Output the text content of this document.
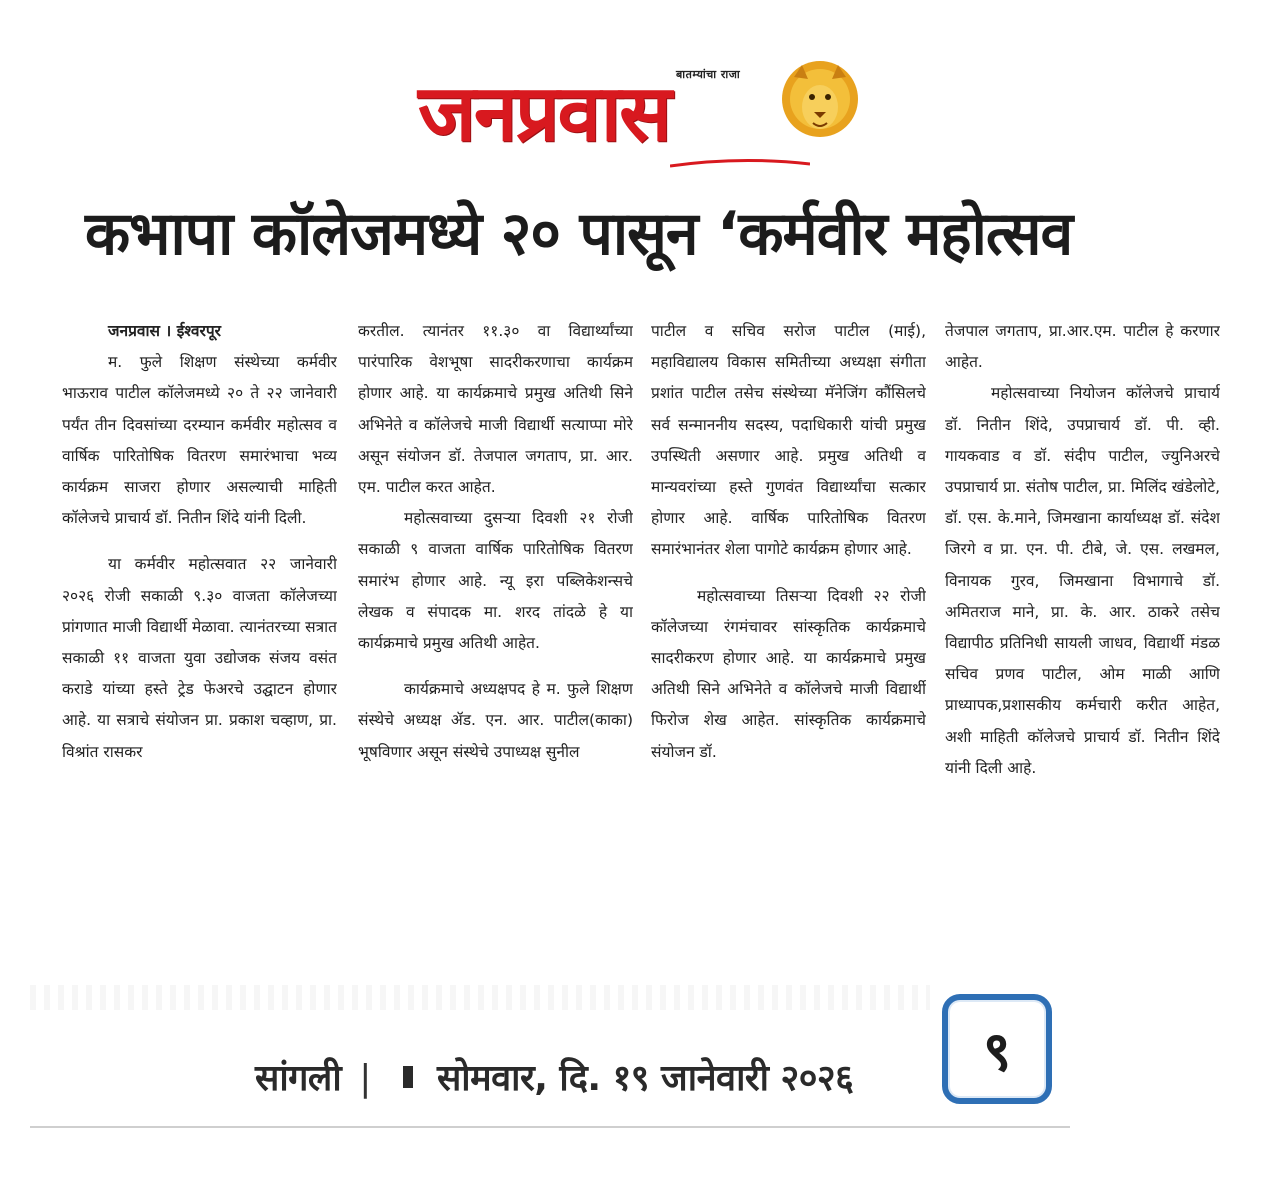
बातम्यांचा राजा
जनप्रवास
कभापा कॉलेजमध्ये २० पासून ‘कर्मवीर महोत्सव

जनप्रवास । ईश्वरपूर

म. फुले शिक्षण संस्थेच्या कर्मवीर भाऊराव पाटील कॉलेजमध्ये २० ते २२ जानेवारी पर्यंत तीन दिवसांच्या दरम्यान कर्मवीर महोत्सव व वार्षिक पारितोषिक वितरण समारंभाचा भव्य कार्यक्रम साजरा होणार असल्याची माहिती कॉलेजचे प्राचार्य डॉ. नितीन शिंदे यांनी दिली.

या कर्मवीर महोत्सवात २२ जानेवारी २०२६ रोजी सकाळी ९.३० वाजता कॉलेजच्या प्रांगणात माजी विद्यार्थी मेळावा. त्यानंतरच्या सत्रात सकाळी ११ वाजता युवा उद्योजक संजय वसंत कराडे यांच्या हस्ते ट्रेड फेअरचे उद्घाटन होणार आहे. या सत्राचे संयोजन प्रा. प्रकाश चव्हाण, प्रा. विश्रांत रासकर

करतील. त्यानंतर ११.३० वा विद्यार्थ्यांच्या पारंपारिक वेशभूषा सादरीकरणाचा कार्यक्रम होणार आहे. या कार्यक्रमाचे प्रमुख अतिथी सिने अभिनेते व कॉलेजचे माजी विद्यार्थी सत्याप्पा मोरे असून संयोजन डॉ. तेजपाल जगताप, प्रा. आर. एम. पाटील करत आहेत.

महोत्सवाच्या दुसऱ्या दिवशी २१ रोजी सकाळी ९ वाजता वार्षिक पारितोषिक वितरण समारंभ होणार आहे. न्यू इरा पब्लिकेशन्सचे लेखक व संपादक मा. शरद तांदळे हे या कार्यक्रमाचे प्रमुख अतिथी आहेत.

कार्यक्रमाचे अध्यक्षपद हे म. फुले शिक्षण संस्थेचे अध्यक्ष ॲड. एन. आर. पाटील(काका) भूषविणार असून संस्थेचे उपाध्यक्ष सुनील

पाटील व सचिव सरोज पाटील (माई), महाविद्यालय विकास समितीच्या अध्यक्षा संगीता प्रशांत पाटील तसेच संस्थेच्या मॅनेजिंग कौंसिलचे सर्व सन्माननीय सदस्य, पदाधिकारी यांची प्रमुख उपस्थिती असणार आहे. प्रमुख अतिथी व मान्यवरांच्या हस्ते गुणवंत विद्यार्थ्यांचा सत्कार होणार आहे. वार्षिक पारितोषिक वितरण समारंभानंतर शेला पागोटे कार्यक्रम होणार आहे.

महोत्सवाच्या तिसऱ्या दिवशी २२ रोजी कॉलेजच्या रंगमंचावर सांस्कृतिक कार्यक्रमाचे सादरीकरण होणार आहे. या कार्यक्रमाचे प्रमुख अतिथी सिने अभिनेते व कॉलेजचे माजी विद्यार्थी फिरोज शेख आहेत. सांस्कृतिक कार्यक्रमाचे संयोजन डॉ.

तेजपाल जगताप, प्रा.आर.एम. पाटील हे करणार आहेत.

महोत्सवाच्या नियोजन कॉलेजचे प्राचार्य डॉ. नितीन शिंदे, उपप्राचार्य डॉ. पी. व्ही. गायकवाड व डॉ. संदीप पाटील, ज्युनिअरचे उपप्राचार्य प्रा. संतोष पाटील, प्रा. मिलिंद खंडेलोटे, डॉ. एस. के.माने, जिमखाना कार्याध्यक्ष डॉ. संदेश जिरगे व प्रा. एन. पी. टीबे, जे. एस. लखमल, विनायक गुरव, जिमखाना विभागाचे डॉ. अमितराज माने, प्रा. के. आर. ठाकरे तसेच विद्यापीठ प्रतिनिधी सायली जाधव, विद्यार्थी मंडळ सचिव प्रणव पाटील, ओम माळी आणि प्राध्यापक,प्रशासकीय कर्मचारी करीत आहेत, अशी माहिती कॉलेजचे प्राचार्य डॉ. नितीन शिंदे यांनी दिली आहे.

सांगली | सोमवार, दि. १९ जानेवारी २०२६ ९
